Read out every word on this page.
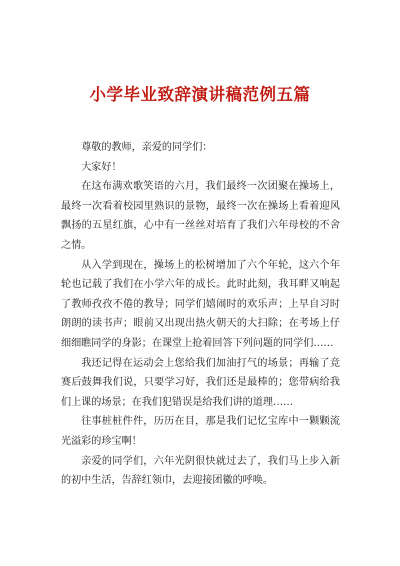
小学毕业致辞演讲稿范例五篇

尊敬的教师，亲爱的同学们：

大家好！

在这布满欢歌笑语的六月，我们最终一次团聚在操场上，最终一次看着校园里熟识的景物，最终一次在操场上看着迎风飘扬的五星红旗，心中有一丝丝对培育了我们六年母校的不舍之情。

从入学到现在，操场上的松树增加了六个年轮，这六个年轮也记载了我们在小学六年的成长。此时此刻，我耳畔又响起了教师孜孜不倦的教导；同学们嬉闹时的欢乐声；上早自习时朗朗的读书声；眼前又出现出热火朝天的大扫除；在考场上仔细细瞧同学的身影；在课堂上抢着回答下列问题的同学们……

我还记得在运动会上您给我们加油打气的场景；再输了竞赛后鼓舞我们说，只要学习好，我们还是最棒的；您带病给我们上课的场景；在我们犯错误是给我们讲的道理……

往事桩桩件件，历历在目，那是我们记忆宝库中一颗颗流光溢彩的珍宝啊！

亲爱的同学们，六年光阴很快就过去了，我们马上步入新的初中生活，告辞红领巾，去迎接团徽的呼唤。
